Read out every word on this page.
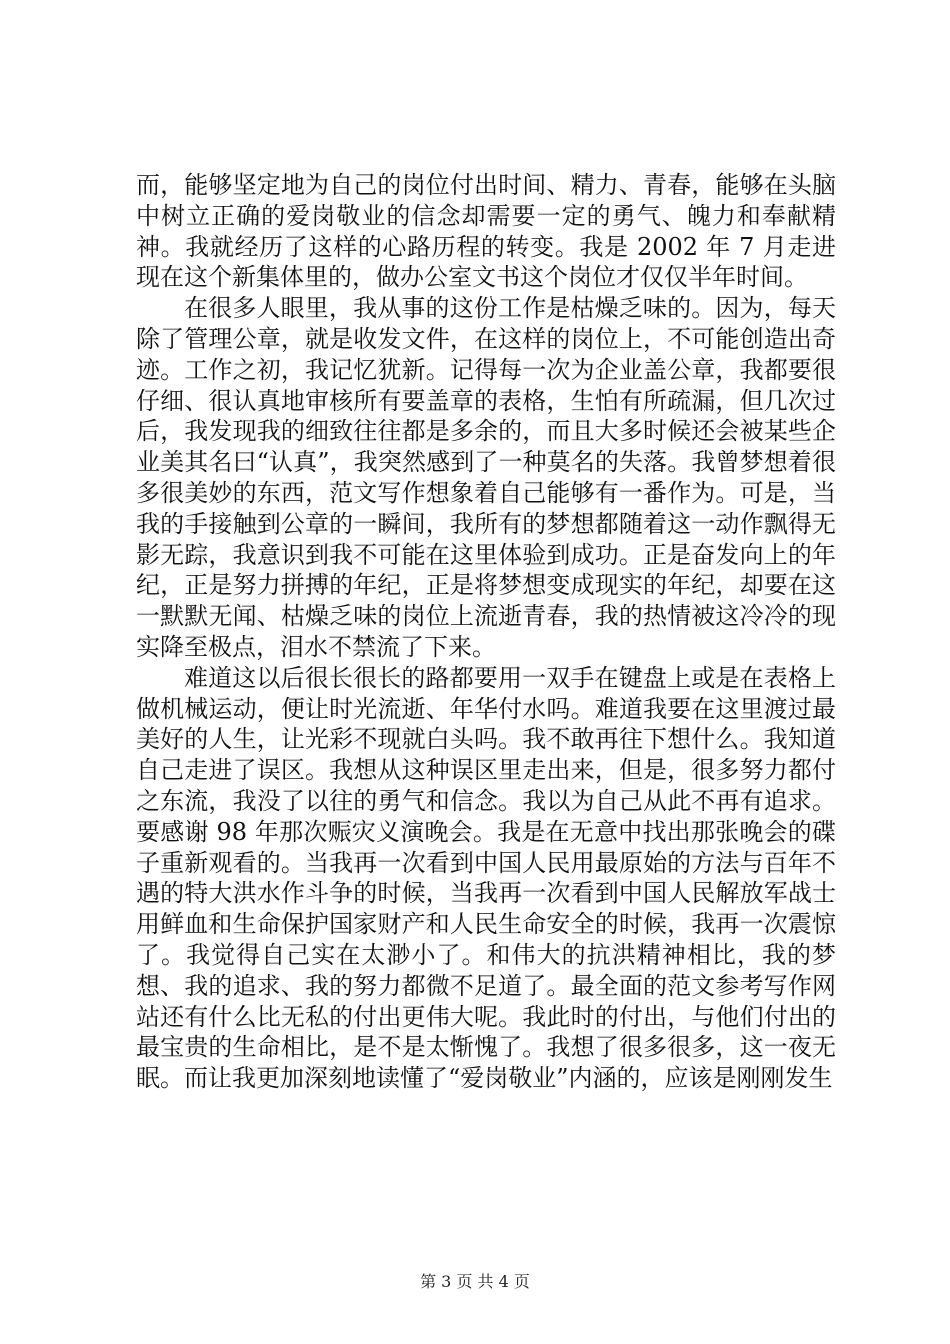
而，能够坚定地为自己的岗位付出时间、精力、青春，能够在头脑中树立正确的爱岗敬业的信念却需要一定的勇气、魄力和奉献精神。我就经历了这样的心路历程的转变。我是 2002 年 7 月走进现在这个新集体里的，做办公室文书这个岗位才仅仅半年时间。

在很多人眼里，我从事的这份工作是枯燥乏味的。因为，每天除了管理公章，就是收发文件，在这样的岗位上，不可能创造出奇迹。工作之初，我记忆犹新。记得每一次为企业盖公章，我都要很仔细、很认真地审核所有要盖章的表格，生怕有所疏漏，但几次过后，我发现我的细致往往都是多余的，而且大多时候还会被某些企业美其名曰“认真”，我突然感到了一种莫名的失落。我曾梦想着很多很美妙的东西，范文写作想象着自己能够有一番作为。可是，当我的手接触到公章的一瞬间，我所有的梦想都随着这一动作飘得无影无踪，我意识到我不可能在这里体验到成功。正是奋发向上的年纪，正是努力拼搏的年纪，正是将梦想变成现实的年纪，却要在这一默默无闻、枯燥乏味的岗位上流逝青春，我的热情被这冷冷的现实降至极点，泪水不禁流了下来。

难道这以后很长很长的路都要用一双手在键盘上或是在表格上做机械运动，便让时光流逝、年华付水吗。难道我要在这里渡过最美好的人生，让光彩不现就白头吗。我不敢再往下想什么。我知道自己走进了误区。我想从这种误区里走出来，但是，很多努力都付之东流，我没了以往的勇气和信念。我以为自己从此不再有追求。要感谢 98 年那次赈灾义演晚会。我是在无意中找出那张晚会的碟子重新观看的。当我再一次看到中国人民用最原始的方法与百年不遇的特大洪水作斗争的时候，当我再一次看到中国人民解放军战士用鲜血和生命保护国家财产和人民生命安全的时候，我再一次震惊了。我觉得自己实在太渺小了。和伟大的抗洪精神相比，我的梦想、我的追求、我的努力都微不足道了。最全面的范文参考写作网站还有什么比无私的付出更伟大呢。我此时的付出，与他们付出的最宝贵的生命相比，是不是太惭愧了。我想了很多很多，这一夜无眠。而让我更加深刻地读懂了“爱岗敬业”内涵的，应该是刚刚发生

第 3 页 共 4 页
